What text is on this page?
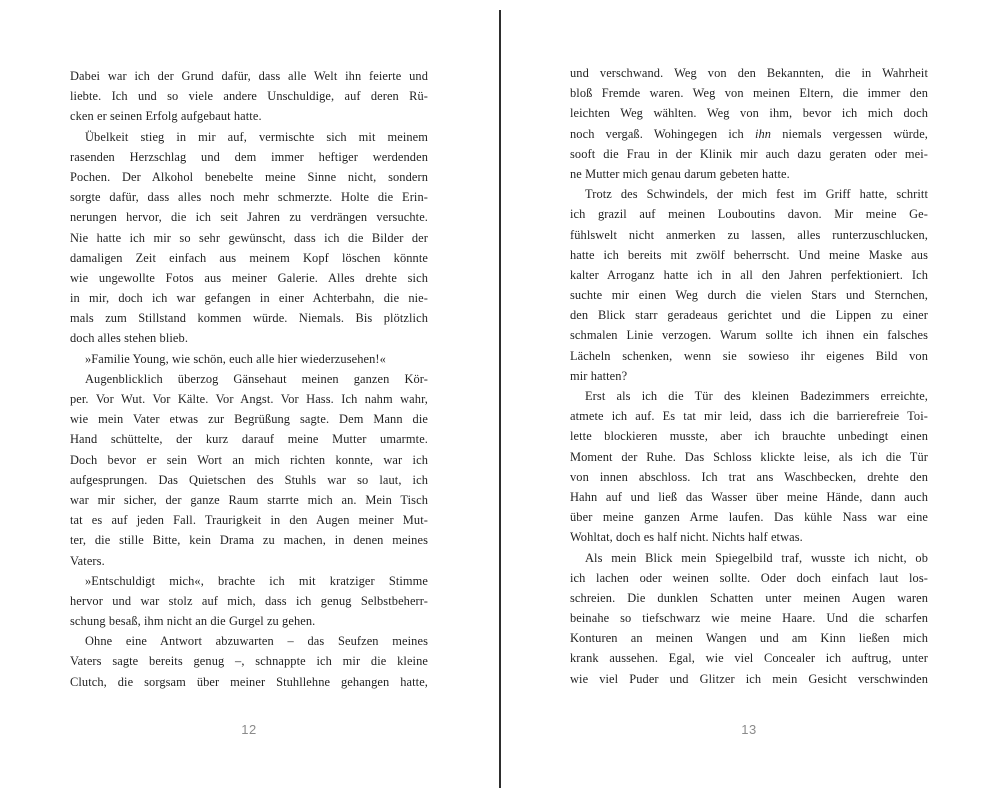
Dabei war ich der Grund dafür, dass alle Welt ihn feierte und
liebte. Ich und so viele andere Unschuldige, auf deren Rü-
cken er seinen Erfolg aufgebaut hatte.
Übelkeit stieg in mir auf, vermischte sich mit meinem
rasenden Herzschlag und dem immer heftiger werdenden
Pochen. Der Alkohol benebelte meine Sinne nicht, sondern
sorgte dafür, dass alles noch mehr schmerzte. Holte die Erin-
nerungen hervor, die ich seit Jahren zu verdrängen versuchte.
Nie hatte ich mir so sehr gewünscht, dass ich die Bilder der
damaligen Zeit einfach aus meinem Kopf löschen könnte
wie ungewollte Fotos aus meiner Galerie. Alles drehte sich
in mir, doch ich war gefangen in einer Achterbahn, die nie-
mals zum Stillstand kommen würde. Niemals. Bis plötzlich
doch alles stehen blieb.
»Familie Young, wie schön, euch alle hier wiederzusehen!«
Augenblicklich überzog Gänsehaut meinen ganzen Kör-
per. Vor Wut. Vor Kälte. Vor Angst. Vor Hass. Ich nahm wahr,
wie mein Vater etwas zur Begrüßung sagte. Dem Mann die
Hand schüttelte, der kurz darauf meine Mutter umarmte.
Doch bevor er sein Wort an mich richten konnte, war ich
aufgesprungen. Das Quietschen des Stuhls war so laut, ich
war mir sicher, der ganze Raum starrte mich an. Mein Tisch
tat es auf jeden Fall. Traurigkeit in den Augen meiner Mut-
ter, die stille Bitte, kein Drama zu machen, in denen meines
Vaters.
»Entschuldigt mich«, brachte ich mit kratziger Stimme
hervor und war stolz auf mich, dass ich genug Selbstbeherr-
schung besaß, ihm nicht an die Gurgel zu gehen.
Ohne eine Antwort abzuwarten – das Seufzen meines
Vaters sagte bereits genug –, schnappte ich mir die kleine
Clutch, die sorgsam über meiner Stuhllehne gehangen hatte,
12
und verschwand. Weg von den Bekannten, die in Wahrheit
bloß Fremde waren. Weg von meinen Eltern, die immer den
leichten Weg wählten. Weg von ihm, bevor ich mich doch
noch vergaß. Wohingegen ich ihn niemals vergessen würde,
sooft die Frau in der Klinik mir auch dazu geraten oder mei-
ne Mutter mich genau darum gebeten hatte.
Trotz des Schwindels, der mich fest im Griff hatte, schritt
ich grazil auf meinen Louboutins davon. Mir meine Ge-
fühlswelt nicht anmerken zu lassen, alles runterzuschlucken,
hatte ich bereits mit zwölf beherrscht. Und meine Maske aus
kalter Arroganz hatte ich in all den Jahren perfektioniert. Ich
suchte mir einen Weg durch die vielen Stars und Sternchen,
den Blick starr geradeaus gerichtet und die Lippen zu einer
schmalen Linie verzogen. Warum sollte ich ihnen ein falsches
Lächeln schenken, wenn sie sowieso ihr eigenes Bild von
mir hatten?
Erst als ich die Tür des kleinen Badezimmers erreichte,
atmete ich auf. Es tat mir leid, dass ich die barrierefreie Toi-
lette blockieren musste, aber ich brauchte unbedingt einen
Moment der Ruhe. Das Schloss klickte leise, als ich die Tür
von innen abschloss. Ich trat ans Waschbecken, drehte den
Hahn auf und ließ das Wasser über meine Hände, dann auch
über meine ganzen Arme laufen. Das kühle Nass war eine
Wohltat, doch es half nicht. Nichts half etwas.
Als mein Blick mein Spiegelbild traf, wusste ich nicht, ob
ich lachen oder weinen sollte. Oder doch einfach laut los-
schreien. Die dunklen Schatten unter meinen Augen waren
beinahe so tiefschwarz wie meine Haare. Und die scharfen
Konturen an meinen Wangen und am Kinn ließen mich
krank aussehen. Egal, wie viel Concealer ich auftrug, unter
wie viel Puder und Glitzer ich mein Gesicht verschwinden
13
